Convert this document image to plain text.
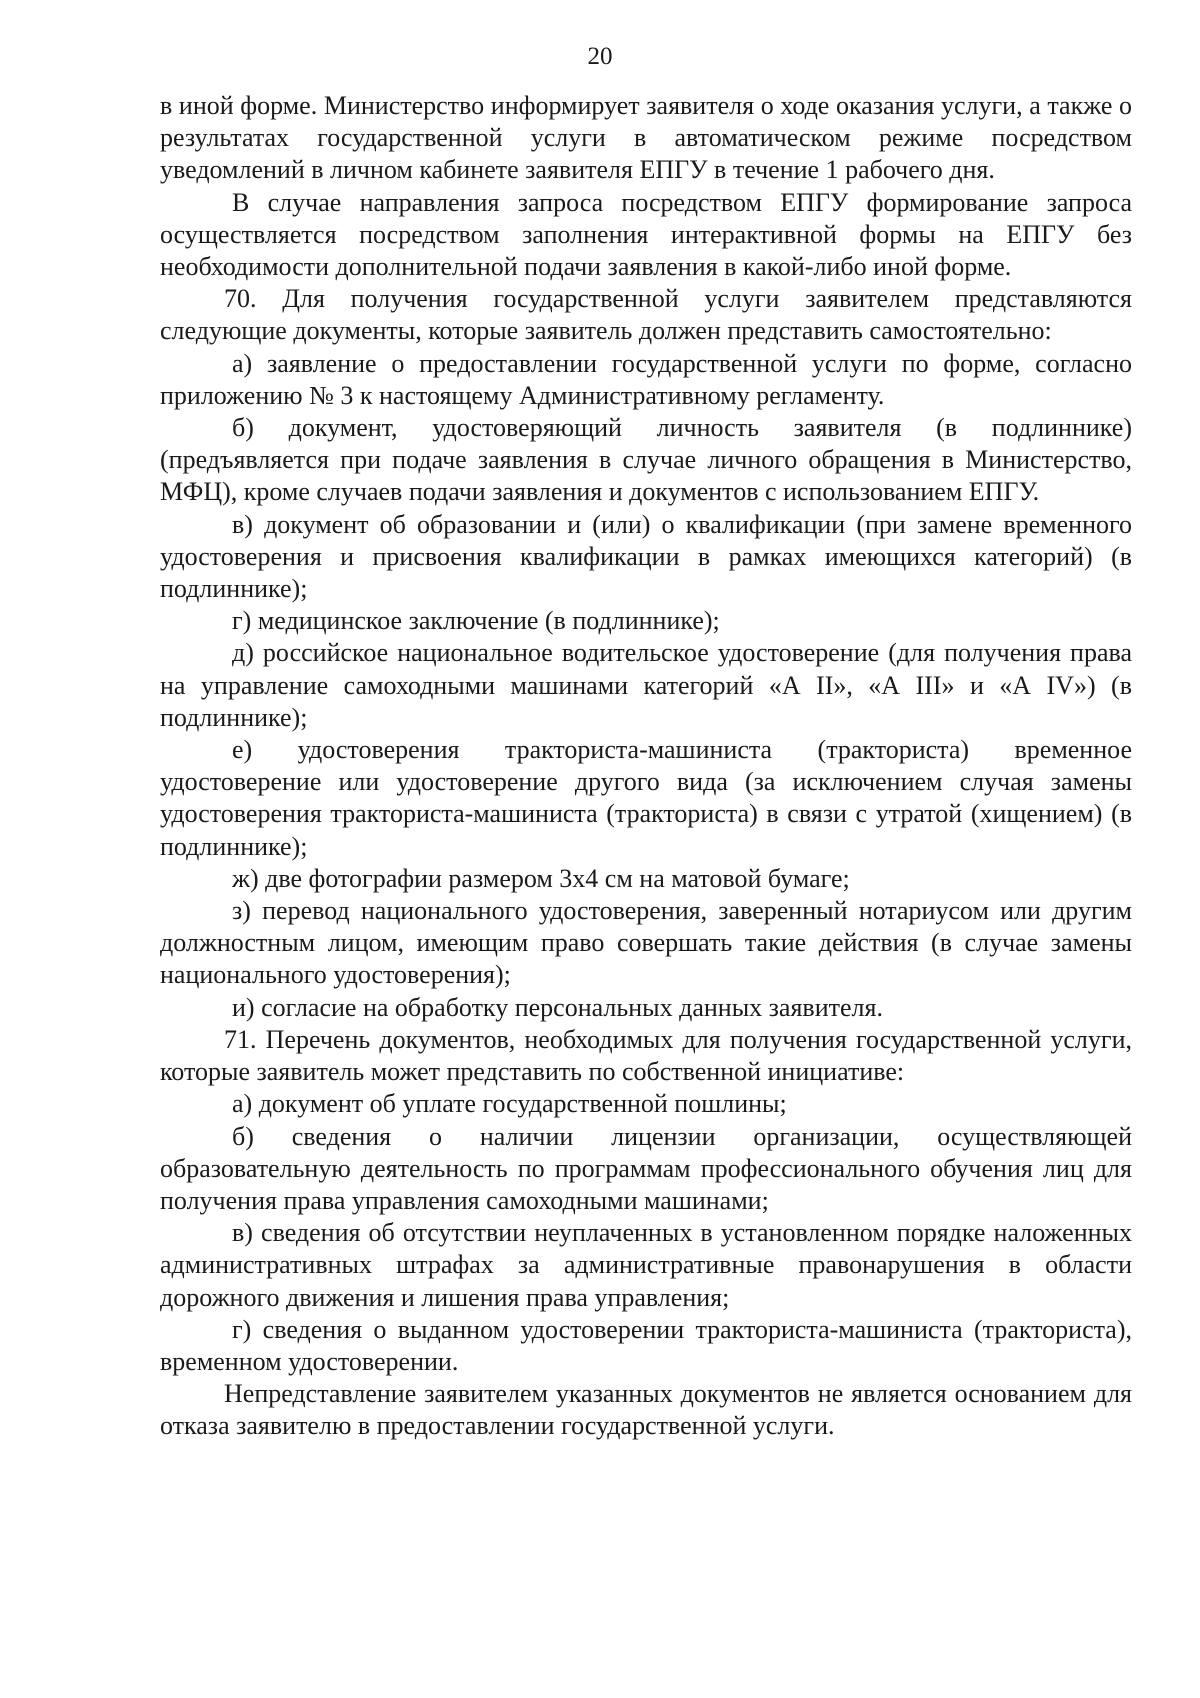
20

в иной форме. Министерство информирует заявителя о ходе оказания услуги, а также о результатах государственной услуги в автоматическом режиме посредством уведомлений в личном кабинете заявителя ЕПГУ в течение 1 рабочего дня.

В случае направления запроса посредством ЕПГУ формирование запроса осуществляется посредством заполнения интерактивной формы на ЕПГУ без необходимости дополнительной подачи заявления в какой-либо иной форме.

70. Для получения государственной услуги заявителем представляются следующие документы, которые заявитель должен представить самостоятельно:

а) заявление о предоставлении государственной услуги по форме, согласно приложению № 3 к настоящему Административному регламенту.

б) документ, удостоверяющий личность заявителя (в подлиннике) (предъявляется при подаче заявления в случае личного обращения в Министерство, МФЦ), кроме случаев подачи заявления и документов с использованием ЕПГУ.

в) документ об образовании и (или) о квалификации (при замене временного удостоверения и присвоения квалификации в рамках имеющихся категорий) (в подлиннике);

г) медицинское заключение (в подлиннике);

д) российское национальное водительское удостоверение (для получения права на управление самоходными машинами категорий «А II», «А III» и «А IV») (в подлиннике);

е) удостоверения тракториста-машиниста (тракториста) временное удостоверение или удостоверение другого вида (за исключением случая замены удостоверения тракториста-машиниста (тракториста) в связи с утратой (хищением) (в подлиннике);

ж) две фотографии размером 3х4 см на матовой бумаге;

з) перевод национального удостоверения, заверенный нотариусом или другим должностным лицом, имеющим право совершать такие действия (в случае замены национального удостоверения);

и) согласие на обработку персональных данных заявителя.

71. Перечень документов, необходимых для получения государственной услуги, которые заявитель может представить по собственной инициативе:

а) документ об уплате государственной пошлины;

б) сведения о наличии лицензии организации, осуществляющей образовательную деятельность по программам профессионального обучения лиц для получения права управления самоходными машинами;

в) сведения об отсутствии неуплаченных в установленном порядке наложенных административных штрафах за административные правонарушения в области дорожного движения и лишения права управления;

г) сведения о выданном удостоверении тракториста-машиниста (тракториста), временном удостоверении.

Непредставление заявителем указанных документов не является основанием для отказа заявителю в предоставлении государственной услуги.
